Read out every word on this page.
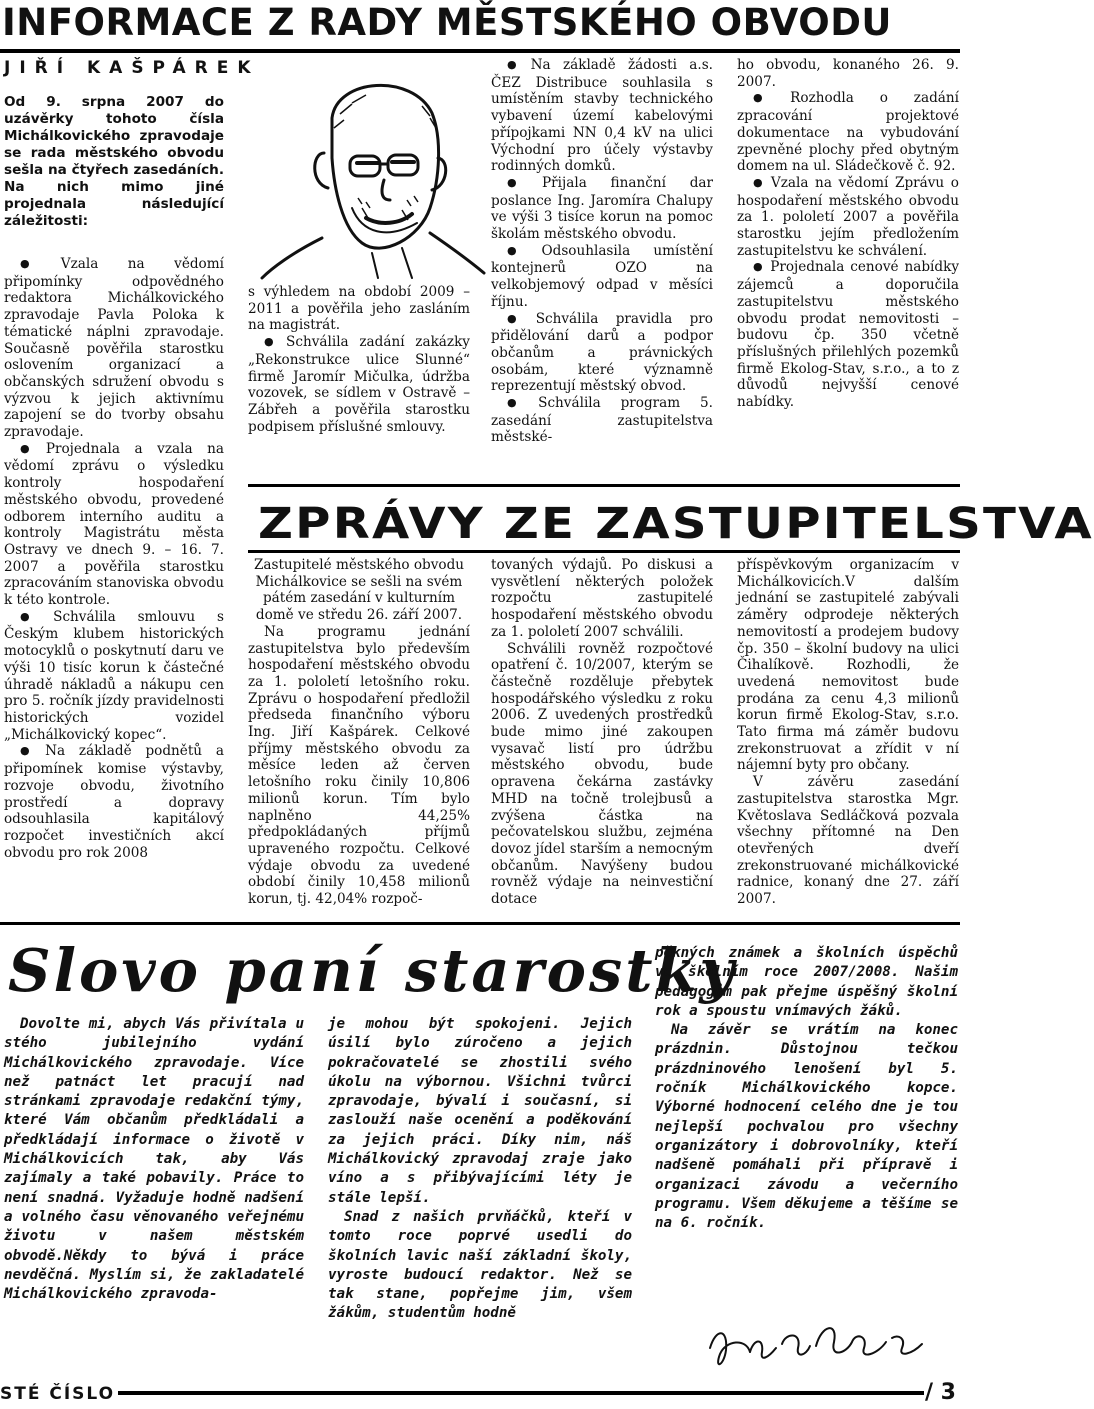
INFORMACE Z RADY MĚSTSKÉHO OBVODU
JIŘÍ KAŠPÁREK

Od 9. srpna 2007 do uzávěrky tohoto čísla Michálkovického zpravodaje se rada městského obvodu sešla na čtyřech zasedáních. Na nich mimo jiné projednala následující záležitosti:

● Vzala na vědomí připomínky odpovědného redaktora Michálkovického zpravodaje Pavla Poloka k tématické náplni zpravodaje. Současně pověřila starostku oslovením organizací a občanských sdružení obvodu s výzvou k jejich aktivnímu zapojení se do tvorby obsahu zpravodaje.

● Projednala a vzala na vědomí zprávu o výsledku kontroly hospodaření městského obvodu, provedené odborem interního auditu a kontroly Magistrátu města Ostravy ve dnech 9. – 16. 7. 2007 a pověřila starostku zpracováním stanoviska obvodu k této kontrole.

● Schválila smlouvu s Českým klubem historických motocyklů o poskytnutí daru ve výši 10 tisíc korun k částečné úhradě nákladů a nákupu cen pro 5. ročník jízdy pravidelnosti historických vozidel „Michálkovický kopec“.

● Na základě podnětů a připomínek komise výstavby, rozvoje obvodu, životního prostředí a dopravy odsouhlasila kapitálový rozpočet investičních akcí obvodu pro rok 2008

s výhledem na období 2009 – 2011 a pověřila jeho zasláním na magistrát.

● Schválila zadání zakázky „Rekonstrukce ulice Slunné“ firmě Jaromír Mičulka, údržba vozovek, se sídlem v Ostravě – Zábřeh a pověřila starostku podpisem příslušné smlouvy.

● Na základě žádosti a.s. ČEZ Distribuce souhlasila s umístěním stavby technického vybavení území kabelovými přípojkami NN 0,4 kV na ulici Východní pro účely výstavby rodinných domků.

● Přijala finanční dar poslance Ing. Jaromíra Chalupy ve výši 3 tisíce korun na pomoc školám městského obvodu.

● Odsouhlasila umístění kontejnerů OZO na velkobjemový odpad v měsíci říjnu.

● Schválila pravidla pro přidělování darů a podpor občanům a právnických osobám, které významně reprezentují městský obvod.

● Schválila program 5. zasedání zastupitelstva městské-

ho obvodu, konaného 26. 9. 2007.

● Rozhodla o zadání zpracování projektové dokumentace na vybudování zpevněné plochy před obytným domem na ul. Sládečkově č. 92.

● Vzala na vědomí Zprávu o hospodaření městského obvodu za 1. pololetí 2007 a pověřila starostku jejím předložením zastupitelstvu ke schválení.

● Projednala cenové nabídky zájemců a doporučila zastupitelstvu městského obvodu prodat nemovitosti – budovu čp. 350 včetně příslušných přilehlých pozemků firmě Ekolog-Stav, s.r.o., a to z důvodů nejvyšší cenové nabídky.

ZPRÁVY ZE ZASTUPITELSTVA

Zastupitelé městského obvodu Michálkovice se sešli na svém pátém zasedání v kulturním domě ve středu 26. září 2007.

Na programu jednání zastupitelstva bylo především hospodaření městského obvodu za 1. pololetí letošního roku. Zprávu o hospodaření předložil předseda finančního výboru Ing. Jiří Kašpárek. Celkové příjmy městského obvodu za měsíce leden až červen letošního roku činily 10,806 milionů korun. Tím bylo naplněno 44,25% předpokládaných příjmů upraveného rozpočtu. Celkové výdaje obvodu za uvedené období činily 10,458 milionů korun, tj. 42,04% rozpoč-

tovaných výdajů. Po diskusi a vysvětlení některých položek rozpočtu zastupitelé hospodaření městského obvodu za 1. pololetí 2007 schválili.

Schválili rovněž rozpočtové opatření č. 10/2007, kterým se částečně rozděluje přebytek hospodářského výsledku z roku 2006. Z uvedených prostředků bude mimo jiné zakoupen vysavač listí pro údržbu městského obvodu, bude opravena čekárna zastávky MHD na točně trolejbusů a zvýšena částka na pečovatelskou službu, zejména dovoz jídel starším a nemocným občanům. Navýšeny budou rovněž výdaje na neinvestiční dotace

příspěvkovým organizacím v Michálkovicích.V dalším jednání se zastupitelé zabývali záměry odprodeje některých nemovitostí a prodejem budovy čp. 350 – školní budovy na ulici Čihalíkově. Rozhodli, že uvedená nemovitost bude prodána za cenu 4,3 milionů korun firmě Ekolog-Stav, s.r.o. Tato firma má záměr budovu zrekonstruovat a zřídit v ní nájemní byty pro občany.

V závěru zasedání zastupitelstva starostka Mgr. Květoslava Sedláčková pozvala všechny přítomné na Den otevřených dveří zrekonstruované michálkovické radnice, konaný dne 27. září 2007.

Slovo paní starostky

Dovolte mi, abych Vás přivítala u stého jubilejního vydání Michálkovického zpravodaje. Více než patnáct let pracují nad stránkami zpravodaje redakční týmy, které Vám občanům předkládali a předkládají informace o životě v Michálkovicích tak, aby Vás zajímaly a také pobavily. Práce to není snadná. Vyžaduje hodně nadšení a volného času věnovaného veřejnému životu v našem městském obvodě.Někdy to bývá i práce nevděčná. Myslím si, že zakladatelé Michálkovického zpravoda-

je mohou být spokojeni. Jejich úsilí bylo zúročeno a jejich pokračovatelé se zhostili svého úkolu na výbornou. Všichni tvůrci zpravodaje, bývalí i současní, si zaslouží naše ocenění a poděkování za jejich práci. Díky nim, náš Michálkovický zpravodaj zraje jako víno a s přibývajícími léty je stále lepší.

Snad z našich prvňáčků, kteří v tomto roce poprvé usedli do školních lavic naší základní školy, vyroste budoucí redaktor. Než se tak stane, popřejme jim, všem žákům, studentům hodně

pěkných známek a školních úspěchů ve školním roce 2007/2008. Našim pedagogům pak přejme úspěšný školní rok a spoustu vnímavých žáků.

Na závěr se vrátím na konec prázdnin. Důstojnou tečkou prázdninového lenošení byl 5. ročník Michálkovického kopce. Výborné hodnocení celého dne je tou nejlepší pochvalou pro všechny organizátory i dobrovolníky, kteří nadšeně pomáhali při přípravě i organizaci závodu a večerního programu. Všem děkujeme a těšíme se na 6. ročník.

STÉ ČÍSLO	/ 3
